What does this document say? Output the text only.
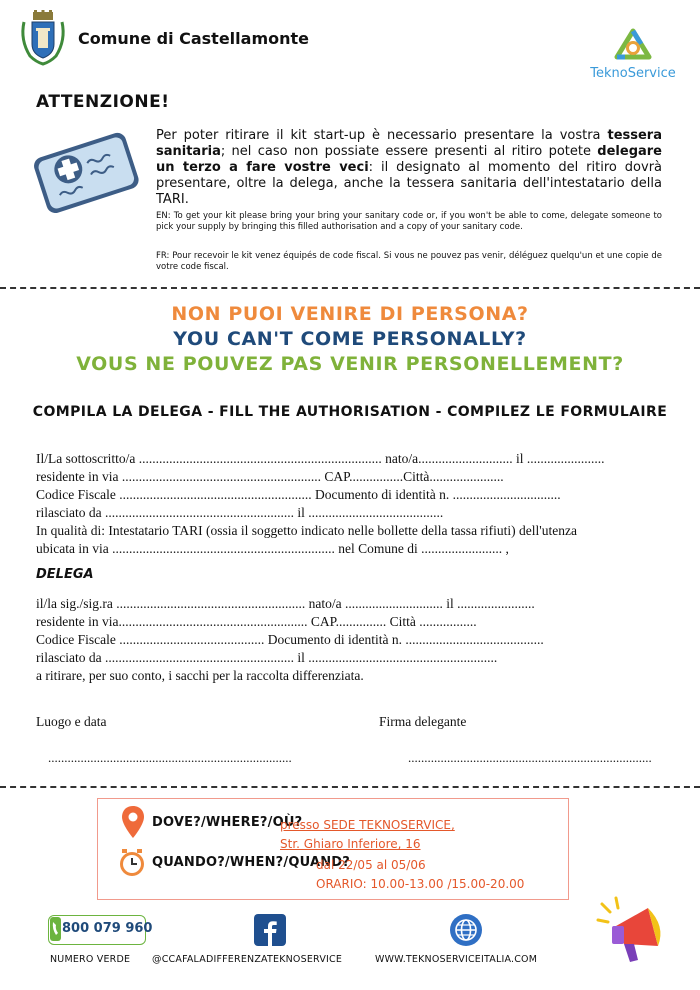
Comune di Castellamonte
TeknoService
ATTENZIONE!
Per poter ritirare il kit start-up è necessario presentare la vostra tessera sanitaria; nel caso non possiate essere presenti al ritiro potete delegare un terzo a fare vostre veci: il designato al momento del ritiro dovrà presentare, oltre la delega, anche la tessera sanitaria dell'intestatario della TARI.
EN: To get your kit please bring your bring your sanitary code or, if you won't be able to come, delegate someone to pick your supply by bringing this filled authorisation and a copy of your sanitary code.
FR: Pour recevoir le kit venez équipés de code fiscal. Si vous ne pouvez pas venir, déléguez quelqu'un et une copie de votre code fiscal.
NON PUOI VENIRE DI PERSONA?
YOU CAN'T COME PERSONALLY?
VOUS NE POUVEZ PAS VENIR PERSONELLEMENT?
COMPILA LA DELEGA - FILL THE AUTHORISATION - COMPILEZ LE FORMULAIRE
Il/La sottoscritto/a ........................................................................ nato/a............................ il .......................
residente in via ........................................................... CAP................Città......................
Codice Fiscale ......................................................... Documento di identità n. ................................
rilasciato da ........................................................ il ........................................
In qualità di: Intestatario TARI (ossia il soggetto indicato nelle bollette della tassa rifiuti) dell'utenza
ubicata in via .................................................................. nel Comune di ........................ ,
DELEGA
il/la sig./sig.ra ........................................................ nato/a ............................. il .......................
residente in via........................................................ CAP............... Città .................
Codice Fiscale ........................................... Documento di identità n. .........................................
rilasciato da ........................................................ il ........................................................
a ritirare, per suo conto, i sacchi per la raccolta differenziata.
Luogo e data	Firma delegante
...........................................................................	...........................................................................
DOVE?/WHERE?/OÙ?
presso SEDE TEKNOSERVICE,
Str. Ghiaro Inferiore, 16
QUANDO?/WHEN?/QUAND?
dal 22/05 al 05/06
ORARIO: 10.00-13.00 /15.00-20.00
800 079 960
NUMERO VERDE @CCAFALADIFFERENZATEKNOSERVICE	WWW.TEKNOSERVICEITALIA.COM
